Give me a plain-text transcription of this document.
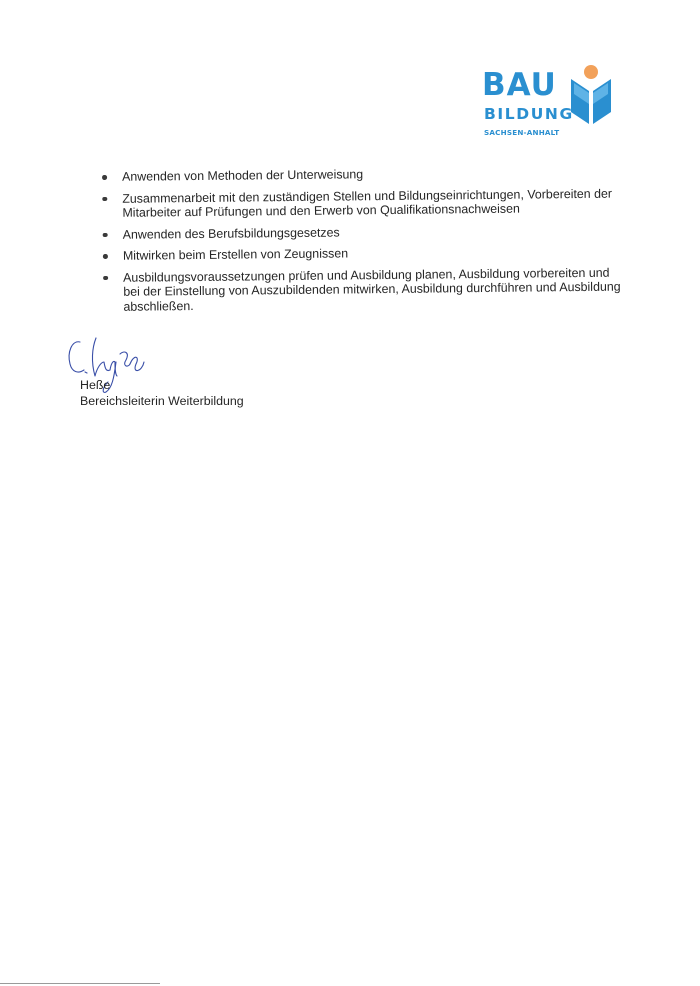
BAU
BILDUNG
SACHSEN-ANHALT
Anwenden von Methoden der Unterweisung
Zusammenarbeit mit den zuständigen Stellen und Bildungseinrichtungen, Vorbereiten der Mitarbeiter auf Prüfungen und den Erwerb von Qualifikationsnachweisen
Anwenden des Berufsbildungsgesetzes
Mitwirken beim Erstellen von Zeugnissen
Ausbildungsvoraussetzungen prüfen und Ausbildung planen, Ausbildung vorbereiten und bei der Einstellung von Auszubildenden mitwirken, Ausbildung durchführen und Ausbildung abschließen.
Heße
Bereichsleiterin Weiterbildung
